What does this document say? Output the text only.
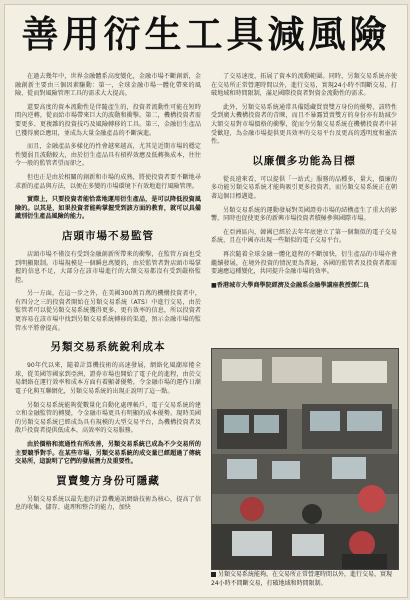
善用衍生工具減風險

在過去幾年中，世界金融體系高度變化，金融市場不斷創新，金融創新主要由三個因素驅動：第一，全球金融市場一體化帶來的風險，從而對風險管理工具的需求大大提高。

還要高度的資本流動性是伴隨產生的，投資者流動性可能在短時間內逆轉，從而給市場帶來巨大的波動和衝擊。第二，機構投資者需要更多、更複雜的投資技巧及風險轉移的工具。第三，金融衍生產品已獲得廣泛應用，並成為大量金融產品的不斷演進。

而且，金融產品多樣化的性會越來越高，尤其是近期市場的穩定性變弱且波動較大，由於衍生產品具有槓桿效應及低轉換成本，往往令一般的監管者望而卻之。

但也正是由於相關的創新和市場的成熟，將使投資者要不斷地尋求新的產品與方法，以便在多變的市場環境下有效地進行風險管理。

實際上，只要投資者能恰當地運用衍生產品，是可以降低投資風險的。以其是，如果投資者能夠掌握受到該方面的教育，就可以具備識別衍生產品風險的能力。

店頭市場不易監管

店頭市場不僅沒有受到金融創新所帶來的衝擊，在監管方面也受到明顯限制。市場規模是一個瞬息萬變的，由於監管者對店頭市場掌握的信息不足，大部分在該市場進行的大額交易都沒有受到嚴格監控。

另一方面，在這一步之外，在美國300萬百萬的機構投資者中，有四分之三的投資者開始在另類交易系統（ATS）中進行交易，由於監管者可以從另類交易系統獲得更多、更有效率的信息，所以投資者更容易在該市場中找到另類交易系統轉移的渠道，預示金融市場的監管水平將會提高。

另類交易系統銳利成本

90年代以來，隨着計算機技術的高速發展，網絡化風潮席捲全球，從美國等國家到亞洲，證券市場也開始了電子化的進程，由於交易網絡在運行效率和成本方面有着顯著優勢，令金融市場的運作日漸電子化與互聯網化，另類交易系統的出現正說明了這一點。

另類交易系統能夠從數量化自動化處理帳戶，電子交易系統的建立和金融監管的轉變，令金融市場更具有明顯的成本優勢。現時美國的另類交易系統已經成為具有規模的大型交易平台，為機構投資者及散戶投資者提供低成本、高效率的交易服務。

由於價格和流通性有所改善，另類交易系統已成為不少交易所的主要競爭對手。在某些市場，另類交易系統的成交量已經超過了傳統交易所，這說明了它們的發展潛力及重要性。

買賣雙方身份可隱藏

另類交易系統以最先進的計算機通訊網絡技術為核心，提高了信息的收集、儲存、處理和整合的能力，加快

了交易速度，拓展了資本的流動範圍。同時，另類交易系統亦使在交易所正常營運時間以外，進行交易，實現24小時不間斷交易，打破地域和時間限制，滿足國際投資者對資金流動性的需求。

此外，另類交易系統通常具備隱藏買賣雙方身份的優勢，該特性受到廣大機構投資者的青睞，而且不暴露買賣雙方的身份亦有助減少大額交易對市場價格的衝擊，從而令另類交易系統在機構投資者中甚受歡迎，為金融市場提供更具效率的交易平台及更高的透明度和靈活性。

以廉價多功能為目標

從長遠來看，可以提供「一站式」服務的品種多，量大，價廉的多功能另類交易系統才能夠吸引更多投資者，而另類交易系統正在朝著這個目標邁進。

另類交易系統的運動發展對美國證券市場的結構產生了重大的影響，同時也促使更多的新興市場投資者積極參與國際市場。

在亞洲區內，韓國已經於去年年底建立了第一個類似的電子交易系統，且在中國亦出現一些類似的電子交易平台。

再次隨着全球金融一體化進程的不斷加快，衍生產品的市場亦會繼續發展，在境外投資的情況更為普遍，各國的監管者及投資者都需要適應這種變化，共同提升金融市場的效率。

■香港城市大學商學院經濟及金融系金融學講座教授儒仁良

另類交易系統能夠，在交易所正常營運時間以外，進行交易，實現24小時不間斷交易，打破地域和時間限制。
